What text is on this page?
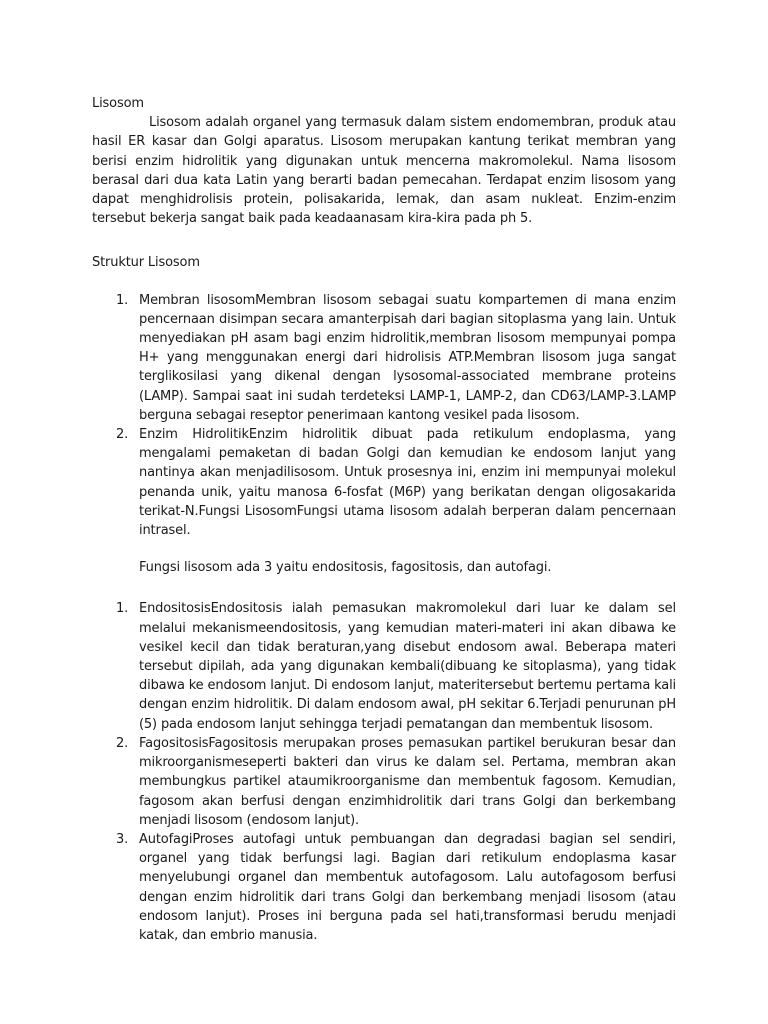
Lisosom

Lisosom adalah organel yang termasuk dalam sistem endomembran, produk atau hasil ER kasar dan Golgi aparatus. Lisosom merupakan kantung terikat membran yang berisi enzim hidrolitik yang digunakan untuk mencerna makromolekul. Nama lisosom berasal dari dua kata Latin yang berarti badan pemecahan. Terdapat enzim lisosom yang dapat menghidrolisis protein, polisakarida, lemak, dan asam nukleat. Enzim-enzim tersebut bekerja sangat baik pada keadaanasam kira-kira pada ph 5.

Struktur Lisosom

1. Membran lisosomMembran lisosom sebagai suatu kompartemen di mana enzim pencernaan disimpan secara amanterpisah dari bagian sitoplasma yang lain. Untuk menyediakan pH asam bagi enzim hidrolitik,membran lisosom mempunyai pompa H+ yang menggunakan energi dari hidrolisis ATP.Membran lisosom juga sangat terglikosilasi yang dikenal dengan lysosomal-associated membrane proteins (LAMP). Sampai saat ini sudah terdeteksi LAMP-1, LAMP-2, dan CD63/LAMP-3.LAMP berguna sebagai reseptor penerimaan kantong vesikel pada lisosom.
2. Enzim HidrolitikEnzim hidrolitik dibuat pada retikulum endoplasma, yang mengalami pemaketan di badan Golgi dan kemudian ke endosom lanjut yang nantinya akan menjadilisosom. Untuk prosesnya ini, enzim ini mempunyai molekul penanda unik, yaitu manosa 6-fosfat (M6P) yang berikatan dengan oligosakarida terikat-N.Fungsi LisosomFungsi utama lisosom adalah berperan dalam pencernaan intrasel.

Fungsi lisosom ada 3 yaitu endositosis, fagositosis, dan autofagi.

1. EndositosisEndositosis ialah pemasukan makromolekul dari luar ke dalam sel melalui mekanismeendositosis, yang kemudian materi-materi ini akan dibawa ke vesikel kecil dan tidak beraturan,yang disebut endosom awal. Beberapa materi tersebut dipilah, ada yang digunakan kembali(dibuang ke sitoplasma), yang tidak dibawa ke endosom lanjut. Di endosom lanjut, materitersebut bertemu pertama kali dengan enzim hidrolitik. Di dalam endosom awal, pH sekitar 6.Terjadi penurunan pH (5) pada endosom lanjut sehingga terjadi pematangan dan membentuk lisosom.
2. FagositosisFagositosis merupakan proses pemasukan partikel berukuran besar dan mikroorganismeseperti bakteri dan virus ke dalam sel. Pertama, membran akan membungkus partikel ataumikroorganisme dan membentuk fagosom. Kemudian, fagosom akan berfusi dengan enzimhidrolitik dari trans Golgi dan berkembang menjadi lisosom (endosom lanjut).
3. AutofagiProses autofagi untuk pembuangan dan degradasi bagian sel sendiri, organel yang tidak berfungsi lagi. Bagian dari retikulum endoplasma kasar menyelubungi organel dan membentuk autofagosom. Lalu autofagosom berfusi dengan enzim hidrolitik dari trans Golgi dan berkembang menjadi lisosom (atau endosom lanjut). Proses ini berguna pada sel hati,transformasi berudu menjadi katak, dan embrio manusia.
